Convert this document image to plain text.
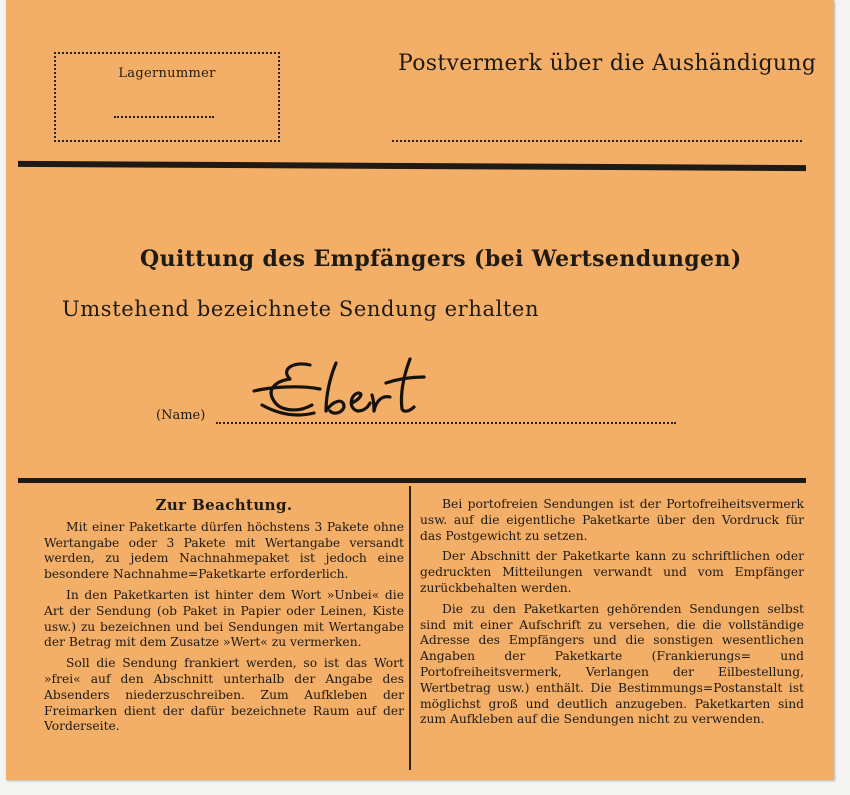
Lagernummer	Postvermerk über die Aushändigung
Quittung des Empfängers (bei Wertsendungen)
Umstehend bezeichnete Sendung erhalten
(Name)
Zur Beachtung.

Mit einer Paketkarte dürfen höchstens 3 Pakete ohne Wertangabe oder 3 Pakete mit Wertangabe versandt werden, zu jedem Nachnahmepaket ist jedoch eine besondere Nachnahme=Paketkarte erforderlich.

In den Paketkarten ist hinter dem Wort »Unbei« die Art der Sendung (ob Paket in Papier oder Leinen, Kiste usw.) zu bezeichnen und bei Sendungen mit Wertangabe der Betrag mit dem Zusatze »Wert« zu vermerken.

Soll die Sendung frankiert werden, so ist das Wort »frei« auf den Abschnitt unterhalb der Angabe des Absenders niederzuschreiben. Zum Aufkleben der Freimarken dient der dafür bezeichnete Raum auf der Vorderseite.

Bei portofreien Sendungen ist der Portofreiheitsvermerk usw. auf die eigentliche Paketkarte über den Vordruck für das Postgewicht zu setzen.

Der Abschnitt der Paketkarte kann zu schriftlichen oder gedruckten Mitteilungen verwandt und vom Empfänger zurückbehalten werden.

Die zu den Paketkarten gehörenden Sendungen selbst sind mit einer Aufschrift zu versehen, die die vollständige Adresse des Empfängers und die sonstigen wesentlichen Angaben der Paketkarte (Frankierungs= und Portofreiheitsvermerk, Verlangen der Eilbestellung, Wertbetrag usw.) enthält. Die Bestimmungs=Postanstalt ist möglichst groß und deutlich anzugeben. Paketkarten sind zum Aufkleben auf die Sendungen nicht zu verwenden.
